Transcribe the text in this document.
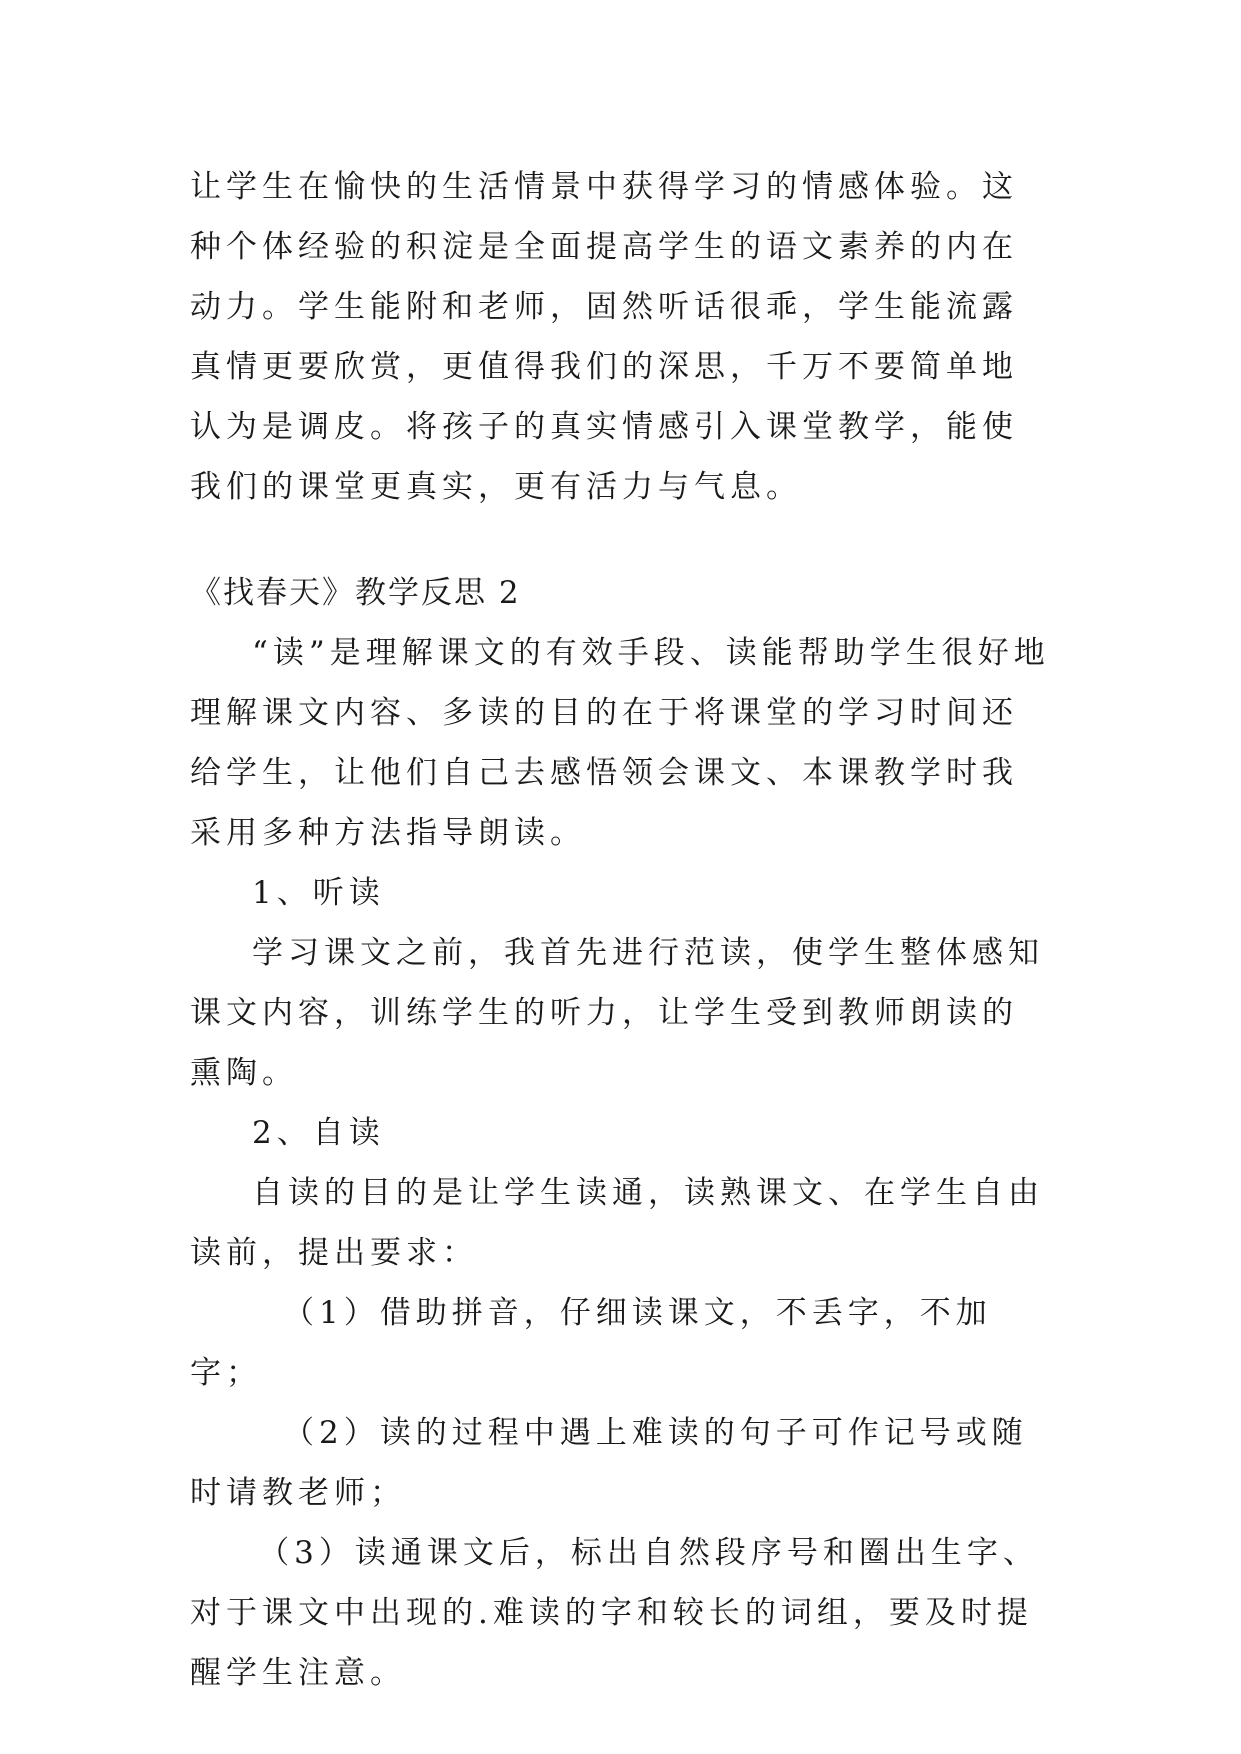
让学生在愉快的生活情景中获得学习的情感体验。这种个体经验的积淀是全面提高学生的语文素养的内在动力。学生能附和老师，固然听话很乖，学生能流露真情更要欣赏，更值得我们的深思，千万不要简单地认为是调皮。将孩子的真实情感引入课堂教学，能使我们的课堂更真实，更有活力与气息。

《找春天》教学反思 2

“读”是理解课文的有效手段、读能帮助学生很好地理解课文内容、多读的目的在于将课堂的学习时间还给学生，让他们自己去感悟领会课文、本课教学时我采用多种方法指导朗读。

1、听读

学习课文之前，我首先进行范读，使学生整体感知课文内容，训练学生的听力，让学生受到教师朗读的熏陶。

2、自读

自读的目的是让学生读通，读熟课文、在学生自由读前，提出要求：

（1）借助拼音，仔细读课文，不丢字，不加字；

（2）读的过程中遇上难读的句子可作记号或随时请教老师；

（3）读通课文后，标出自然段序号和圈出生字、对于课文中出现的.难读的字和较长的词组，要及时提醒学生注意。
